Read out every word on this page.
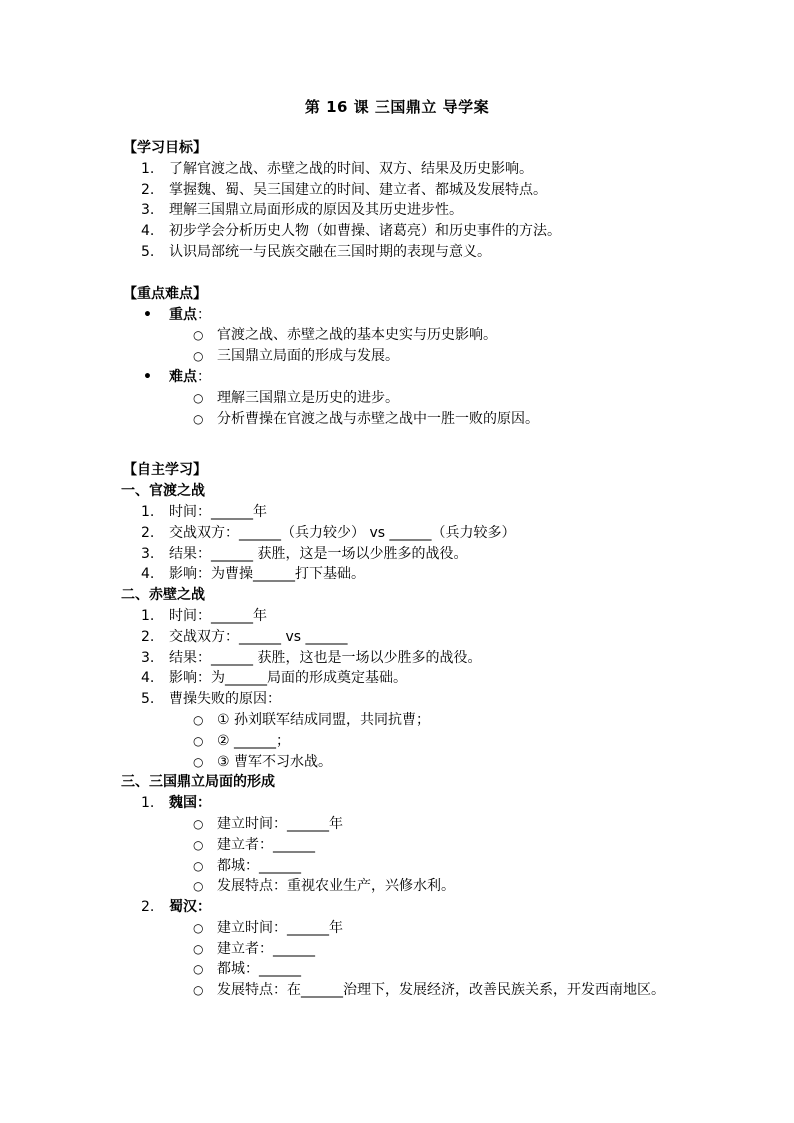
第 16 课 三国鼎立 导学案
【学习目标】
1.	了解官渡之战、赤壁之战的时间、双方、结果及历史影响。
2.	掌握魏、蜀、吴三国建立的时间、建立者、都城及发展特点。
3.	理解三国鼎立局面形成的原因及其历史进步性。
4.	初步学会分析历史人物（如曹操、诸葛亮）和历史事件的方法。
5.	认识局部统一与民族交融在三国时期的表现与意义。
【重点难点】
•	重点：
○ 官渡之战、赤壁之战的基本史实与历史影响。
○ 三国鼎立局面的形成与发展。
•	难点：
○ 理解三国鼎立是历史的进步。
○ 分析曹操在官渡之战与赤壁之战中一胜一败的原因。
【自主学习】
一、官渡之战
1.	时间：______年
2.	交战双方：______（兵力较少） vs ______（兵力较多）
3.	结果：______ 获胜，这是一场以少胜多的战役。
4.	影响：为曹操______打下基础。
二、赤壁之战
1.	时间：______年
2.	交战双方：______ vs ______
3.	结果：______ 获胜，这也是一场以少胜多的战役。
4.	影响：为______局面的形成奠定基础。
5.	曹操失败的原因：
○ ① 孙刘联军结成同盟，共同抗曹；
○ ② ______；
○ ③ 曹军不习水战。
三、三国鼎立局面的形成
1.	魏国：
○ 建立时间：______年
○ 建立者：______
○ 都城：______
○ 发展特点：重视农业生产，兴修水利。
2.	蜀汉：
○ 建立时间：______年
○ 建立者：______
○ 都城：______
○ 发展特点：在______治理下，发展经济，改善民族关系，开发西南地区。
